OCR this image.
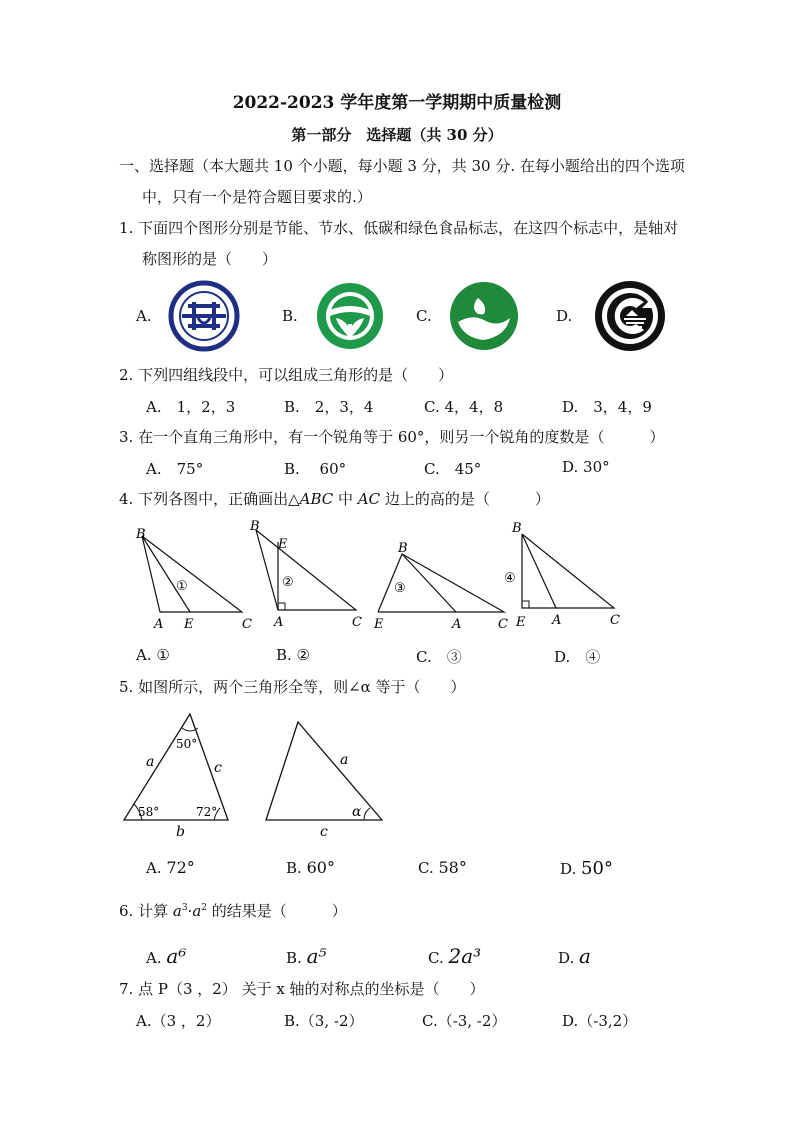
2022-2023 学年度第一学期期中质量检测
第一部分　选择题（共 30 分）
一、选择题（本大题共 10 个小题，每小题 3 分，共 30 分. 在每小题给出的四个选项
中，只有一个是符合题目要求的.）
1. 下面四个图形分别是节能、节水、低碳和绿色食品标志，在这四个标志中，是轴对
称图形的是（　　）
A.	B.	C.	D.
2. 下列四组线段中，可以组成三角形的是（　　）
A.　1，2，3	B.　2，3，4	C. 4，4，8	D.　3，4，9
3. 在一个直角三角形中，有一个锐角等于 60°，则另一个锐角的度数是（　　　）
A.　75°	B.　 60°	C.　45°	D. 30°
4. 下列各图中，正确画出△ABC 中 AC 边上的高的是（　　　）
B
A E	C
①
B
E
A	C
②
B
E	A	C
③
B
E A	C
④
A. ①	B. ②	C.　③	D.　④
5. 如图所示，两个三角形全等，则∠α 等于（　　）
50°
58°	72°
a	c
b
a
α
c
A. 72°	B. 60°	C. 58°	D. 50°
6. 计算 $a^3\cdot a^2$ 的结果是（　　　）
A. a⁶	B. a⁵	C. 2a³	D. a
7. 点 P（3 ，2） 关于 x 轴的对称点的坐标是（　　）
A.（3 ，2）	B.（3, -2）	C.（-3, -2）	D.（-3,2）
